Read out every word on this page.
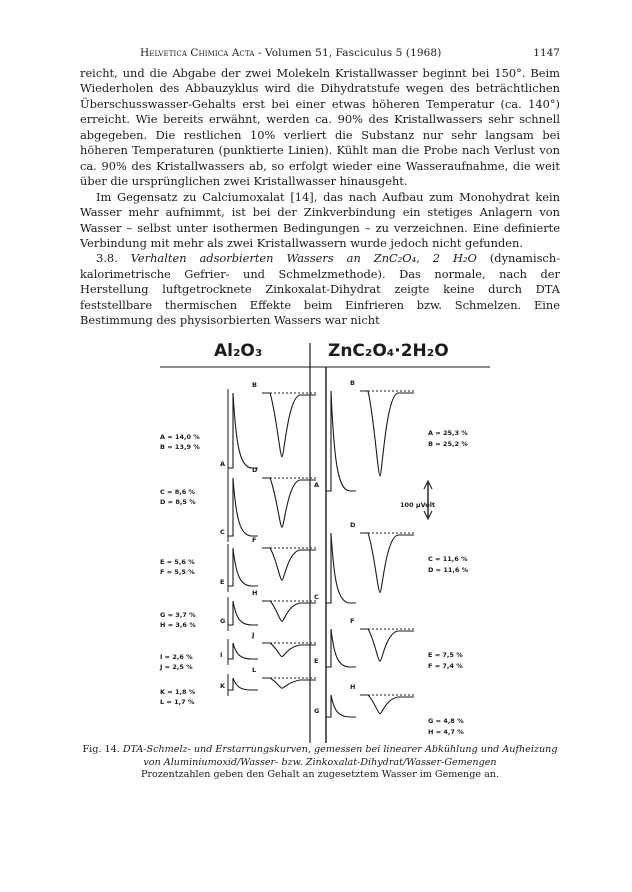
Helvetica Chimica Acta - Volumen 51, Fasciculus 5 (1968)	1147

reicht, und die Abgabe der zwei Molekeln Kristallwasser beginnt bei 150°. Beim Wiederholen des Abbauzyklus wird die Dihydratstufe wegen des beträchtlichen Überschusswasser-Gehalts erst bei einer etwas höheren Temperatur (ca. 140°) erreicht. Wie bereits erwähnt, werden ca. 90% des Kristallwassers sehr schnell abgegeben. Die restlichen 10% verliert die Substanz nur sehr langsam bei höheren Temperaturen (punktierte Linien). Kühlt man die Probe nach Verlust von ca. 90% des Kristallwassers ab, so erfolgt wieder eine Wasseraufnahme, die weit über die ursprünglichen zwei Kristallwasser hinausgeht.

Im Gegensatz zu Calciumoxalat [14], das nach Aufbau zum Monohydrat kein Wasser mehr aufnimmt, ist bei der Zinkverbindung ein stetiges Anlagern von Wasser – selbst unter isothermen Bedingungen – zu verzeichnen. Eine definierte Verbindung mit mehr als zwei Kristallwassern wurde jedoch nicht gefunden.

3.8. Verhalten adsorbierten Wassers an ZnC₂O₄, 2 H₂O (dynamisch-kalorimetrische Gefrier- und Schmelzmethode). Das normale, nach der Herstellung luftgetrocknete Zinkoxalat-Dihydrat zeigte keine durch DTA feststellbare thermischen Effekte beim Einfrieren bzw. Schmelzen. Eine Bestimmung des physisorbierten Wassers war nicht

Al₂O₃	ZnC₂O₄·2H₂O
100 µVolt
A
B
A = 14,0 %
B = 13,9 %
C
D
C = 8,6 %
D = 8,5 %
E
F
E = 5,6 %
F = 5,5 %
G
H
G = 3,7 %
H = 3,6 %
I
J
I = 2,6 %
J = 2,5 %
K
L
K = 1,8 %
L = 1,7 %
A
B
A = 25,3 %
B = 25,2 %
C
D
C = 11,6 %
D = 11,6 %
E
F
E = 7,5 %
F = 7,4 %
G
H
G = 4,8 %
H = 4,7 %
Fig. 14. DTA-Schmelz- und Erstarrungskurven, gemessen bei linearer Abkühlung und Aufheizung von Aluminiumoxid/Wasser- bzw. Zinkoxalat-Dihydrat/Wasser-Gemengen
Prozentzahlen geben den Gehalt an zugesetztem Wasser im Gemenge an.
